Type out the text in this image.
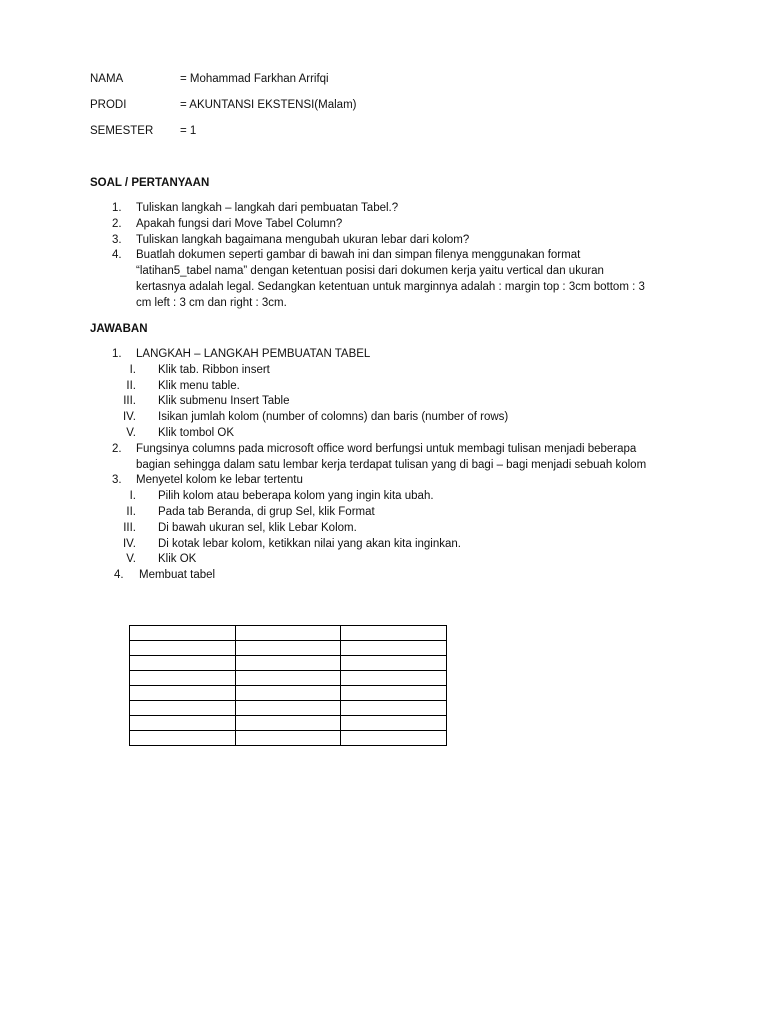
NAMA	= Mohammad Farkhan Arrifqi
PRODI	= AKUNTANSI EKSTENSI(Malam)
SEMESTER = 1
SOAL / PERTANYAAN
1.	Tuliskan langkah – langkah dari pembuatan Tabel.?
2.	Apakah fungsi dari Move Tabel Column?
3.	Tuliskan langkah bagaimana mengubah ukuran lebar dari kolom?
4.	Buatlah dokumen seperti gambar di bawah ini dan simpan filenya menggunakan format “latihan5_tabel nama” dengan ketentuan posisi dari dokumen kerja yaitu vertical dan ukuran kertasnya adalah legal. Sedangkan ketentuan untuk marginnya adalah : margin top : 3cm bottom : 3 cm left : 3 cm dan right : 3cm.
JAWABAN
1.	LANGKAH – LANGKAH PEMBUATAN TABEL
I. Klik tab. Ribbon insert
II. Klik menu table.
III. Klik submenu Insert Table
IV. Isikan jumlah kolom (number of colomns) dan baris (number of rows)
V. Klik tombol OK
2.	Fungsinya columns pada microsoft office word berfungsi untuk membagi tulisan menjadi beberapa bagian sehingga dalam satu lembar kerja terdapat tulisan yang di bagi – bagi menjadi sebuah kolom
3.	Menyetel kolom ke lebar tertentu
I. Pilih kolom atau beberapa kolom yang ingin kita ubah.
II. Pada tab Beranda, di grup Sel, klik Format
III. Di bawah ukuran sel, klik Lebar Kolom.
IV. Di kotak lebar kolom, ketikkan nilai yang akan kita inginkan.
V. Klik OK
4.	Membuat tabel
